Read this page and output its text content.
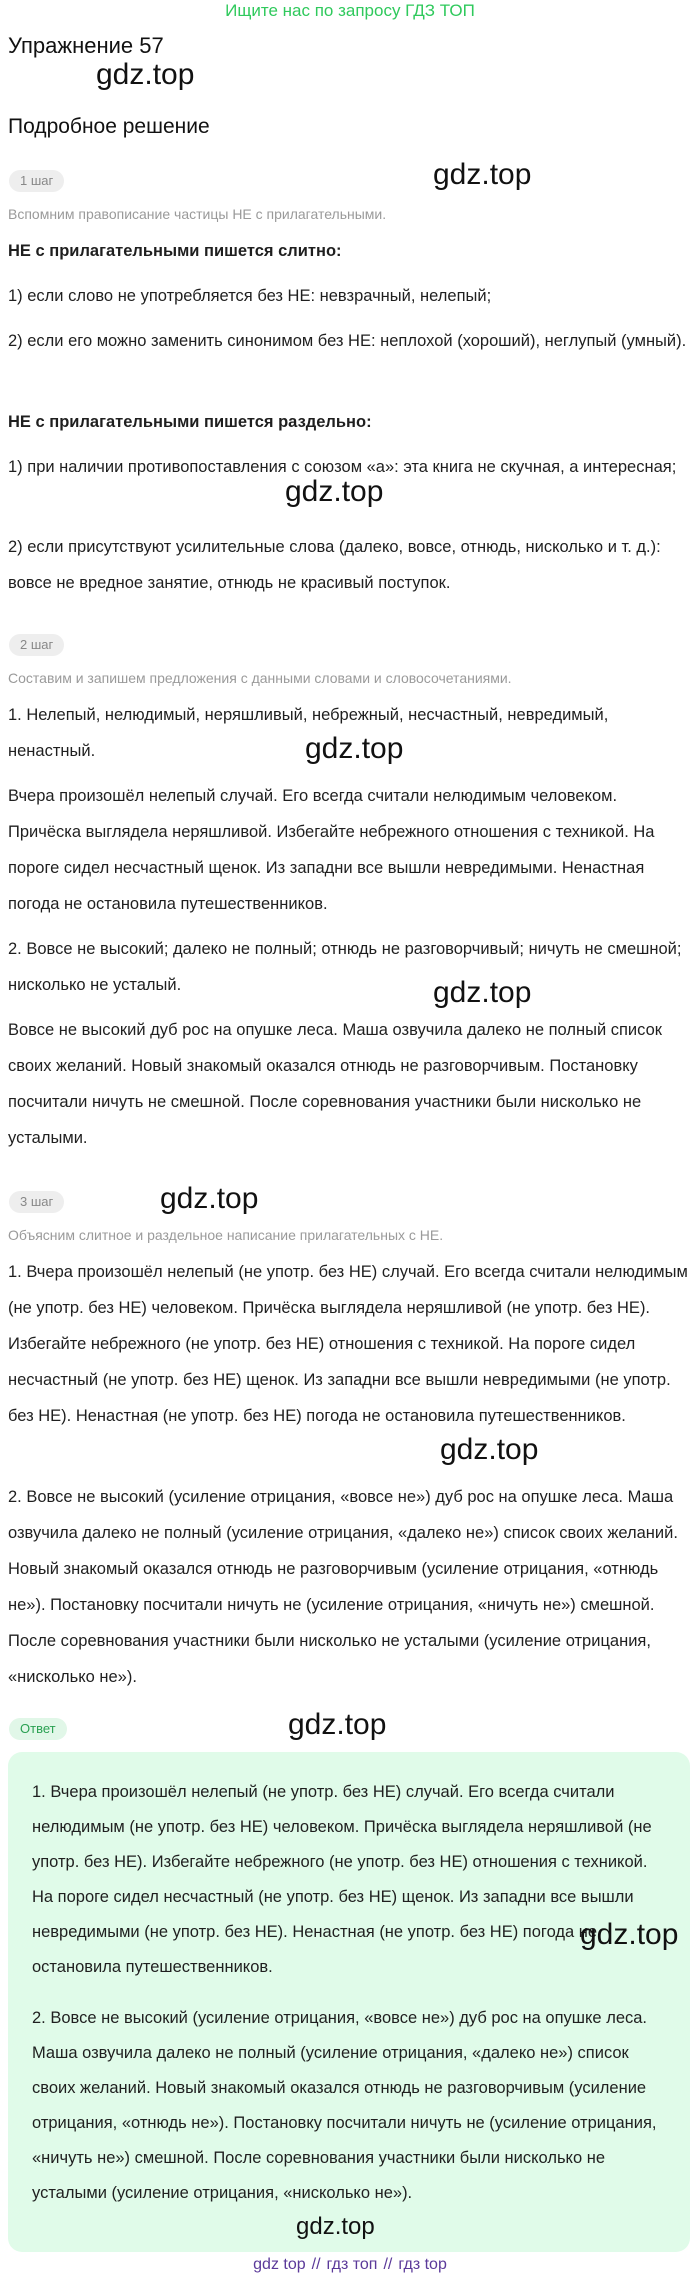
Ищите нас по запросу ГДЗ ТОП
Упражнение 57
gdz.top
Подробное решение
1 шаг	gdz.top
Вспомним правописание частицы НЕ с прилагательными.
НЕ с прилагательными пишется слитно:
1) если слово не употребляется без НЕ: невзрачный, нелепый;
2) если его можно заменить синонимом без НЕ: неплохой (хороший), неглупый (умный).
НЕ с прилагательными пишется раздельно:
1) при наличии противопоставления с союзом «а»: эта книга не скучная, а интересная;
gdz.top
2) если присутствуют усилительные слова (далеко, вовсе, отнюдь, нисколько и т. д.): вовсе не вредное занятие, отнюдь не красивый поступок.
2 шаг
Составим и запишем предложения с данными словами и словосочетаниями.
1. Нелепый, нелюдимый, неряшливый, небрежный, несчастный, невредимый, ненастный.	gdz.top
Вчера произошёл нелепый случай. Его всегда считали нелюдимым человеком. Причёска выглядела неряшливой. Избегайте небрежного отношения с техникой. На пороге сидел несчастный щенок. Из западни все вышли невредимыми. Ненастная погода не остановила путешественников.
2. Вовсе не высокий; далеко не полный; отнюдь не разговорчивый; ничуть не смешной; нисколько не усталый.	gdz.top
Вовсе не высокий дуб рос на опушке леса. Маша озвучила далеко не полный список своих желаний. Новый знакомый оказался отнюдь не разговорчивым. Постановку посчитали ничуть не смешной. После соревнования участники были нисколько не усталыми.
3 шаг	gdz.top
Объясним слитное и раздельное написание прилагательных с НЕ.
1. Вчера произошёл нелепый (не употр. без НЕ) случай. Его всегда считали нелюдимым (не употр. без НЕ) человеком. Причёска выглядела неряшливой (не употр. без НЕ). Избегайте небрежного (не употр. без НЕ) отношения с техникой. На пороге сидел несчастный (не употр. без НЕ) щенок. Из западни все вышли невредимыми (не употр. без НЕ). Ненастная (не употр. без НЕ) погода не остановила путешественников.
gdz.top
2. Вовсе не высокий (усиление отрицания, «вовсе не») дуб рос на опушке леса. Маша озвучила далеко не полный (усиление отрицания, «далеко не») список своих желаний. Новый знакомый оказался отнюдь не разговорчивым (усиление отрицания, «отнюдь не»). Постановку посчитали ничуть не (усиление отрицания, «ничуть не») смешной. После соревнования участники были нисколько не усталыми (усиление отрицания, «нисколько не»).
Ответ	gdz.top
1. Вчера произошёл нелепый (не употр. без НЕ) случай. Его всегда считали нелюдимым (не употр. без НЕ) человеком. Причёска выглядела неряшливой (не употр. без НЕ). Избегайте небрежного (не употр. без НЕ) отношения с техникой. На пороге сидел несчастный (не употр. без НЕ) щенок. Из западни все вышли невредимыми (не употр. без НЕ). Ненастная (не употр. без НЕ) погода не остановила путешественников.
gdz.top
2. Вовсе не высокий (усиление отрицания, «вовсе не») дуб рос на опушке леса. Маша озвучила далеко не полный (усиление отрицания, «далеко не») список своих желаний. Новый знакомый оказался отнюдь не разговорчивым (усиление отрицания, «отнюдь не»). Постановку посчитали ничуть не (усиление отрицания, «ничуть не») смешной. После соревнования участники были нисколько не усталыми (усиление отрицания, «нисколько не»).
gdz.top
gdz top // гдз топ // гдз top
